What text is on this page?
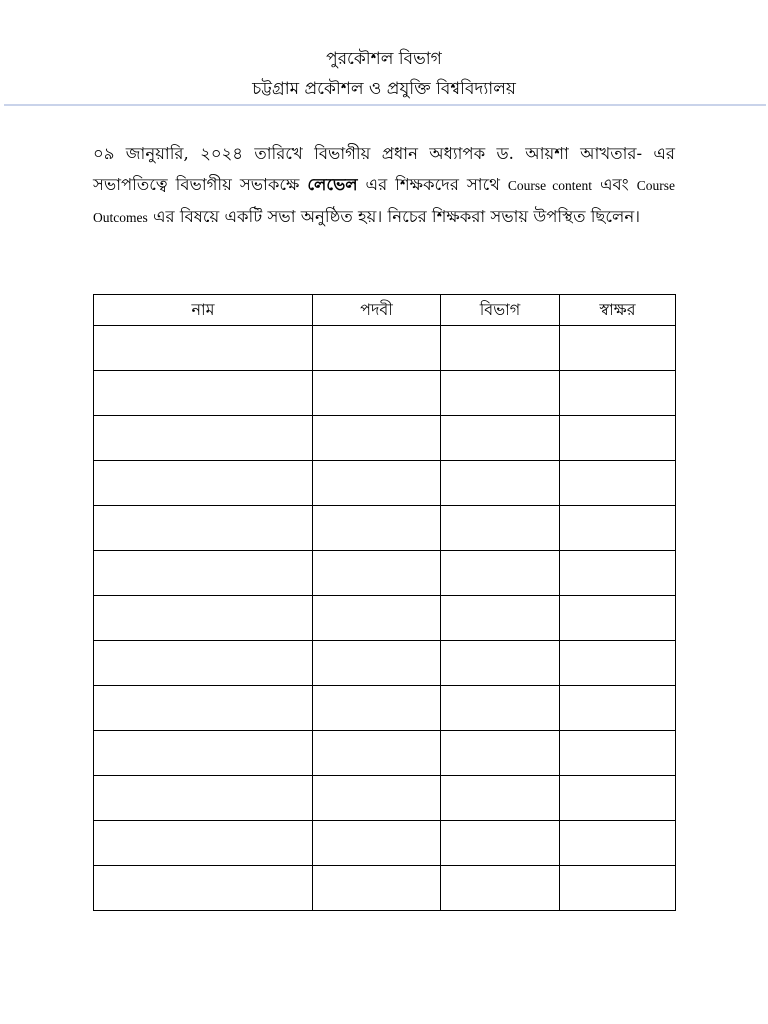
পুরকৌশল বিভাগ
চট্টগ্রাম প্রকৌশল ও প্রযুক্তি বিশ্ববিদ্যালয়
০৯ জানুয়ারি, ২০২৪ তারিখে বিভাগীয় প্রধান অধ্যাপক ড. আয়শা আখতার- এর সভাপতিত্বে বিভাগীয় সভাকক্ষে লেভেল এর শিক্ষকদের সাথে Course content এবং Course Outcomes এর বিষয়ে একটি সভা অনুষ্ঠিত হয়। নিচের শিক্ষকরা সভায় উপস্থিত ছিলেন।
নাম	পদবী	বিভাগ	স্বাক্ষর
